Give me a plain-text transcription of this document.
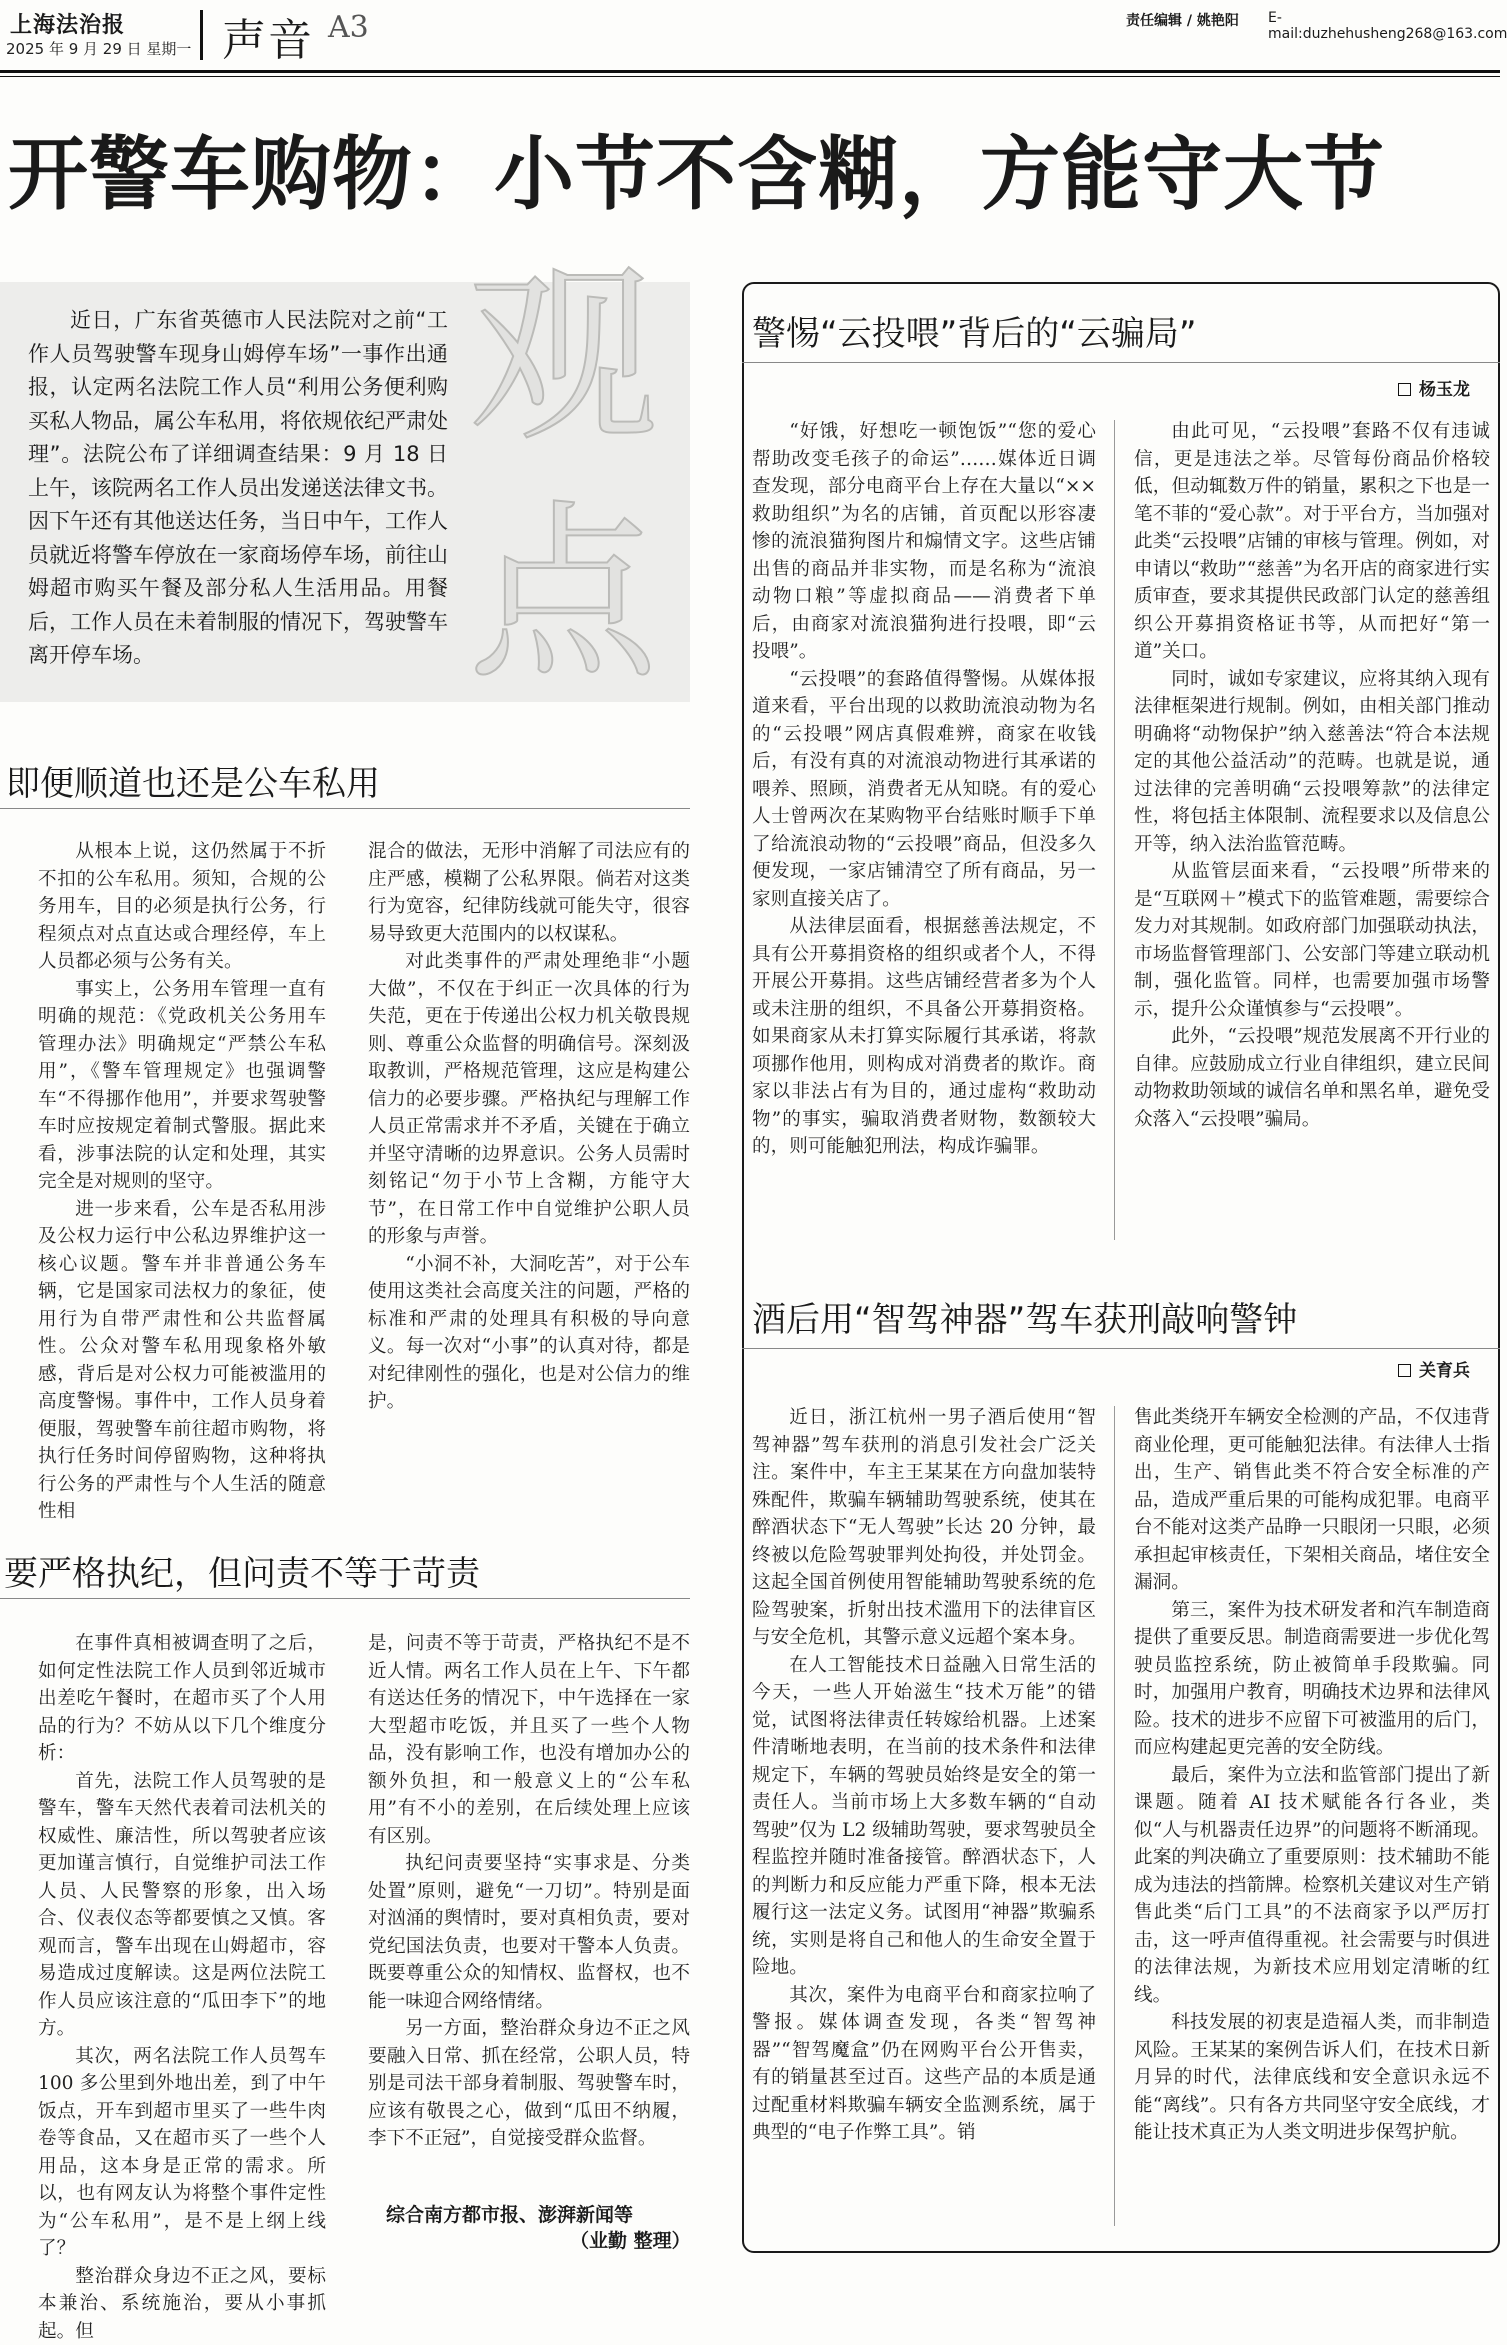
上海法治报
2025 年 9 月 29 日 星期一 声音 A3	责任编辑 / 姚艳阳 E-mail:duzhehusheng268@163.com
开警车购物：小节不含糊，方能守大节
观
点
近日，广东省英德市人民法院对之前“工作人员驾驶警车现身山姆停车场”一事作出通报，认定两名法院工作人员“利用公务便利购买私人物品，属公车私用，将依规依纪严肃处理”。法院公布了详细调查结果：9 月 18 日上午，该院两名工作人员出发递送法律文书。因下午还有其他送达任务，当日中午，工作人员就近将警车停放在一家商场停车场，前往山姆超市购买午餐及部分私人生活用品。用餐后，工作人员在未着制服的情况下，驾驶警车离开停车场。
即便顺道也还是公车私用

从根本上说，这仍然属于不折不扣的公车私用。须知，合规的公务用车，目的必须是执行公务，行程须点对点直达或合理经停，车上人员都必须与公务有关。

事实上，公务用车管理一直有明确的规范：《党政机关公务用车管理办法》明确规定“严禁公车私用”，《警车管理规定》也强调警车“不得挪作他用”，并要求驾驶警车时应按规定着制式警服。据此来看，涉事法院的认定和处理，其实完全是对规则的坚守。

进一步来看，公车是否私用涉及公权力运行中公私边界维护这一核心议题。警车并非普通公务车辆，它是国家司法权力的象征，使用行为自带严肃性和公共监督属性。公众对警车私用现象格外敏感，背后是对公权力可能被滥用的高度警惕。事件中，工作人员身着便服，驾驶警车前往超市购物，将执行任务时间停留购物，这种将执行公务的严肃性与个人生活的随意性相

混合的做法，无形中消解了司法应有的庄严感，模糊了公私界限。倘若对这类行为宽容，纪律防线就可能失守，很容易导致更大范围内的以权谋私。

对此类事件的严肃处理绝非“小题大做”，不仅在于纠正一次具体的行为失范，更在于传递出公权力机关敬畏规则、尊重公众监督的明确信号。深刻汲取教训，严格规范管理，这应是构建公信力的必要步骤。严格执纪与理解工作人员正常需求并不矛盾，关键在于确立并坚守清晰的边界意识。公务人员需时刻铭记“勿于小节上含糊，方能守大节”，在日常工作中自觉维护公职人员的形象与声誉。

“小洞不补，大洞吃苦”，对于公车使用这类社会高度关注的问题，严格的标准和严肃的处理具有积极的导向意义。每一次对“小事”的认真对待，都是对纪律刚性的强化，也是对公信力的维护。

要严格执纪，但问责不等于苛责

在事件真相被调查明了之后，如何定性法院工作人员到邻近城市出差吃午餐时，在超市买了个人用品的行为？不妨从以下几个维度分析：

首先，法院工作人员驾驶的是警车，警车天然代表着司法机关的权威性、廉洁性，所以驾驶者应该更加谨言慎行，自觉维护司法工作人员、人民警察的形象，出入场合、仪表仪态等都要慎之又慎。客观而言，警车出现在山姆超市，容易造成过度解读。这是两位法院工作人员应该注意的“瓜田李下”的地方。

其次，两名法院工作人员驾车 100 多公里到外地出差，到了中午饭点，开车到超市里买了一些牛肉卷等食品，又在超市买了一些个人用品，这本身是正常的需求。所以，也有网友认为将整个事件定性为“公车私用”，是不是上纲上线了？

整治群众身边不正之风，要标本兼治、系统施治，要从小事抓起。但

是，问责不等于苛责，严格执纪不是不近人情。两名工作人员在上午、下午都有送达任务的情况下，中午选择在一家大型超市吃饭，并且买了一些个人物品，没有影响工作，也没有增加办公的额外负担，和一般意义上的“公车私用”有不小的差别，在后续处理上应该有区别。

执纪问责要坚持“实事求是、分类处置”原则，避免“一刀切”。特别是面对汹涌的舆情时，要对真相负责，要对党纪国法负责，也要对干警本人负责。既要尊重公众的知情权、监督权，也不能一味迎合网络情绪。

另一方面，整治群众身边不正之风要融入日常、抓在经常，公职人员，特别是司法干部身着制服、驾驶警车时，应该有敬畏之心，做到“瓜田不纳履，李下不正冠”，自觉接受群众监督。

综合南方都市报、澎湃新闻等
（业勤 整理）
警惕“云投喂”背后的“云骗局”
杨玉龙

“好饿，好想吃一顿饱饭”“您的爱心帮助改变毛孩子的命运”……媒体近日调查发现，部分电商平台上存在大量以“××救助组织”为名的店铺，首页配以形容凄惨的流浪猫狗图片和煽情文字。这些店铺出售的商品并非实物，而是名称为“流浪动物口粮”等虚拟商品——消费者下单后，由商家对流浪猫狗进行投喂，即“云投喂”。

“云投喂”的套路值得警惕。从媒体报道来看，平台出现的以救助流浪动物为名的“云投喂”网店真假难辨，商家在收钱后，有没有真的对流浪动物进行其承诺的喂养、照顾，消费者无从知晓。有的爱心人士曾两次在某购物平台结账时顺手下单了给流浪动物的“云投喂”商品，但没多久便发现，一家店铺清空了所有商品，另一家则直接关店了。

从法律层面看，根据慈善法规定，不具有公开募捐资格的组织或者个人，不得开展公开募捐。这些店铺经营者多为个人或未注册的组织，不具备公开募捐资格。如果商家从未打算实际履行其承诺，将款项挪作他用，则构成对消费者的欺诈。商家以非法占有为目的，通过虚构“救助动物”的事实，骗取消费者财物，数额较大的，则可能触犯刑法，构成诈骗罪。

由此可见，“云投喂”套路不仅有违诚信，更是违法之举。尽管每份商品价格较低，但动辄数万件的销量，累积之下也是一笔不菲的“爱心款”。对于平台方，当加强对此类“云投喂”店铺的审核与管理。例如，对申请以“救助”“慈善”为名开店的商家进行实质审查，要求其提供民政部门认定的慈善组织公开募捐资格证书等，从而把好“第一道”关口。

同时，诚如专家建议，应将其纳入现有法律框架进行规制。例如，由相关部门推动明确将“动物保护”纳入慈善法“符合本法规定的其他公益活动”的范畴。也就是说，通过法律的完善明确“云投喂筹款”的法律定性，将包括主体限制、流程要求以及信息公开等，纳入法治监管范畴。

从监管层面来看，“云投喂”所带来的是“互联网＋”模式下的监管难题，需要综合发力对其规制。如政府部门加强联动执法，市场监督管理部门、公安部门等建立联动机制，强化监管。同样，也需要加强市场警示，提升公众谨慎参与“云投喂”。

此外，“云投喂”规范发展离不开行业的自律。应鼓励成立行业自律组织，建立民间动物救助领域的诚信名单和黑名单，避免受众落入“云投喂”骗局。

酒后用“智驾神器”驾车获刑敲响警钟
关育兵

近日，浙江杭州一男子酒后使用“智驾神器”驾车获刑的消息引发社会广泛关注。案件中，车主王某某在方向盘加装特殊配件，欺骗车辆辅助驾驶系统，使其在醉酒状态下“无人驾驶”长达 20 分钟，最终被以危险驾驶罪判处拘役，并处罚金。这起全国首例使用智能辅助驾驶系统的危险驾驶案，折射出技术滥用下的法律盲区与安全危机，其警示意义远超个案本身。

在人工智能技术日益融入日常生活的今天，一些人开始滋生“技术万能”的错觉，试图将法律责任转嫁给机器。上述案件清晰地表明，在当前的技术条件和法律规定下，车辆的驾驶员始终是安全的第一责任人。当前市场上大多数车辆的“自动驾驶”仅为 L2 级辅助驾驶，要求驾驶员全程监控并随时准备接管。醉酒状态下，人的判断力和反应能力严重下降，根本无法履行这一法定义务。试图用“神器”欺骗系统，实则是将自己和他人的生命安全置于险地。

其次，案件为电商平台和商家拉响了警报。媒体调查发现，各类“智驾神器”“智驾魔盒”仍在网购平台公开售卖，有的销量甚至过百。这些产品的本质是通过配重材料欺骗车辆安全监测系统，属于典型的“电子作弊工具”。销

售此类绕开车辆安全检测的产品，不仅违背商业伦理，更可能触犯法律。有法律人士指出，生产、销售此类不符合安全标准的产品，造成严重后果的可能构成犯罪。电商平台不能对这类产品睁一只眼闭一只眼，必须承担起审核责任，下架相关商品，堵住安全漏洞。

第三，案件为技术研发者和汽车制造商提供了重要反思。制造商需要进一步优化驾驶员监控系统，防止被简单手段欺骗。同时，加强用户教育，明确技术边界和法律风险。技术的进步不应留下可被滥用的后门，而应构建起更完善的安全防线。

最后，案件为立法和监管部门提出了新课题。随着 AI 技术赋能各行各业，类似“人与机器责任边界”的问题将不断涌现。此案的判决确立了重要原则：技术辅助不能成为违法的挡箭牌。检察机关建议对生产销售此类“后门工具”的不法商家予以严厉打击，这一呼声值得重视。社会需要与时俱进的法律法规，为新技术应用划定清晰的红线。

科技发展的初衷是造福人类，而非制造风险。王某某的案例告诉人们，在技术日新月异的时代，法律底线和安全意识永远不能“离线”。只有各方共同坚守安全底线，才能让技术真正为人类文明进步保驾护航。
